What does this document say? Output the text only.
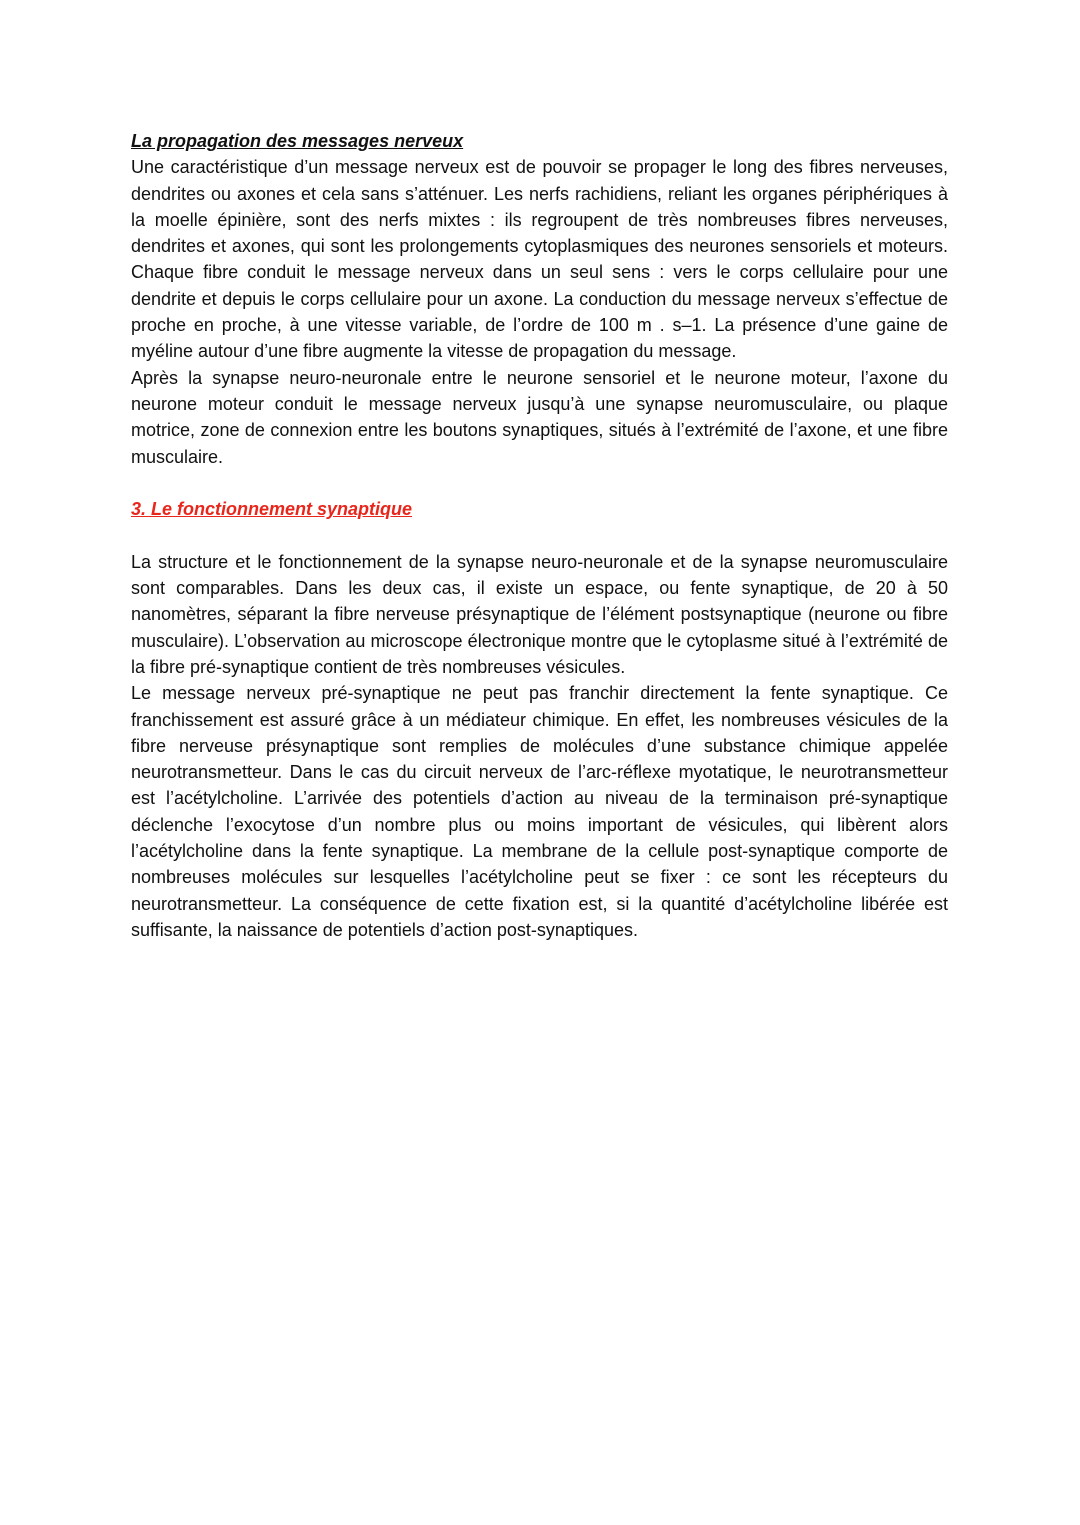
La propagation des messages nerveux

Une caractéristique d’un message nerveux est de pouvoir se propager le long des fibres nerveuses, dendrites ou axones et cela sans s’atténuer. Les nerfs rachidiens, reliant les organes périphériques à la moelle épinière, sont des nerfs mixtes : ils regroupent de très nombreuses fibres nerveuses, dendrites et axones, qui sont les prolongements cytoplasmiques des neurones sensoriels et moteurs. Chaque fibre conduit le message nerveux dans un seul sens : vers le corps cellulaire pour une dendrite et depuis le corps cellulaire pour un axone. La conduction du message nerveux s’effectue de proche en proche, à une vitesse variable, de l’ordre de 100 m . s–1. La présence d’une gaine de myéline autour d’une fibre augmente la vitesse de propagation du message.

Après la synapse neuro-neuronale entre le neurone sensoriel et le neurone moteur, l’axone du neurone moteur conduit le message nerveux jusqu’à une synapse neuromusculaire, ou plaque motrice, zone de connexion entre les boutons synaptiques, situés à l’extrémité de l’axone, et une fibre musculaire.

3. Le fonctionnement synaptique

La structure et le fonctionnement de la synapse neuro-neuronale et de la synapse neuromusculaire sont comparables. Dans les deux cas, il existe un espace, ou fente synaptique, de 20 à 50 nanomètres, séparant la fibre nerveuse présynaptique de l’élément postsynaptique (neurone ou fibre musculaire). L’observation au microscope électronique montre que le cytoplasme situé à l’extrémité de la fibre pré-synaptique contient de très nombreuses vésicules.

Le message nerveux pré-synaptique ne peut pas franchir directement la fente synaptique. Ce franchissement est assuré grâce à un médiateur chimique. En effet, les nombreuses vésicules de la fibre nerveuse présynaptique sont remplies de molécules d’une substance chimique appelée neurotransmetteur. Dans le cas du circuit nerveux de l’arc-réflexe myotatique, le neurotransmetteur est l’acétylcholine. L’arrivée des potentiels d’action au niveau de la terminaison pré-synaptique déclenche l’exocytose d’un nombre plus ou moins important de vésicules, qui libèrent alors l’acétylcholine dans la fente synaptique. La membrane de la cellule post-synaptique comporte de nombreuses molécules sur lesquelles l’acétylcholine peut se fixer : ce sont les récepteurs du neurotransmetteur. La conséquence de cette fixation est, si la quantité d’acétylcholine libérée est suffisante, la naissance de potentiels d’action post-synaptiques.
